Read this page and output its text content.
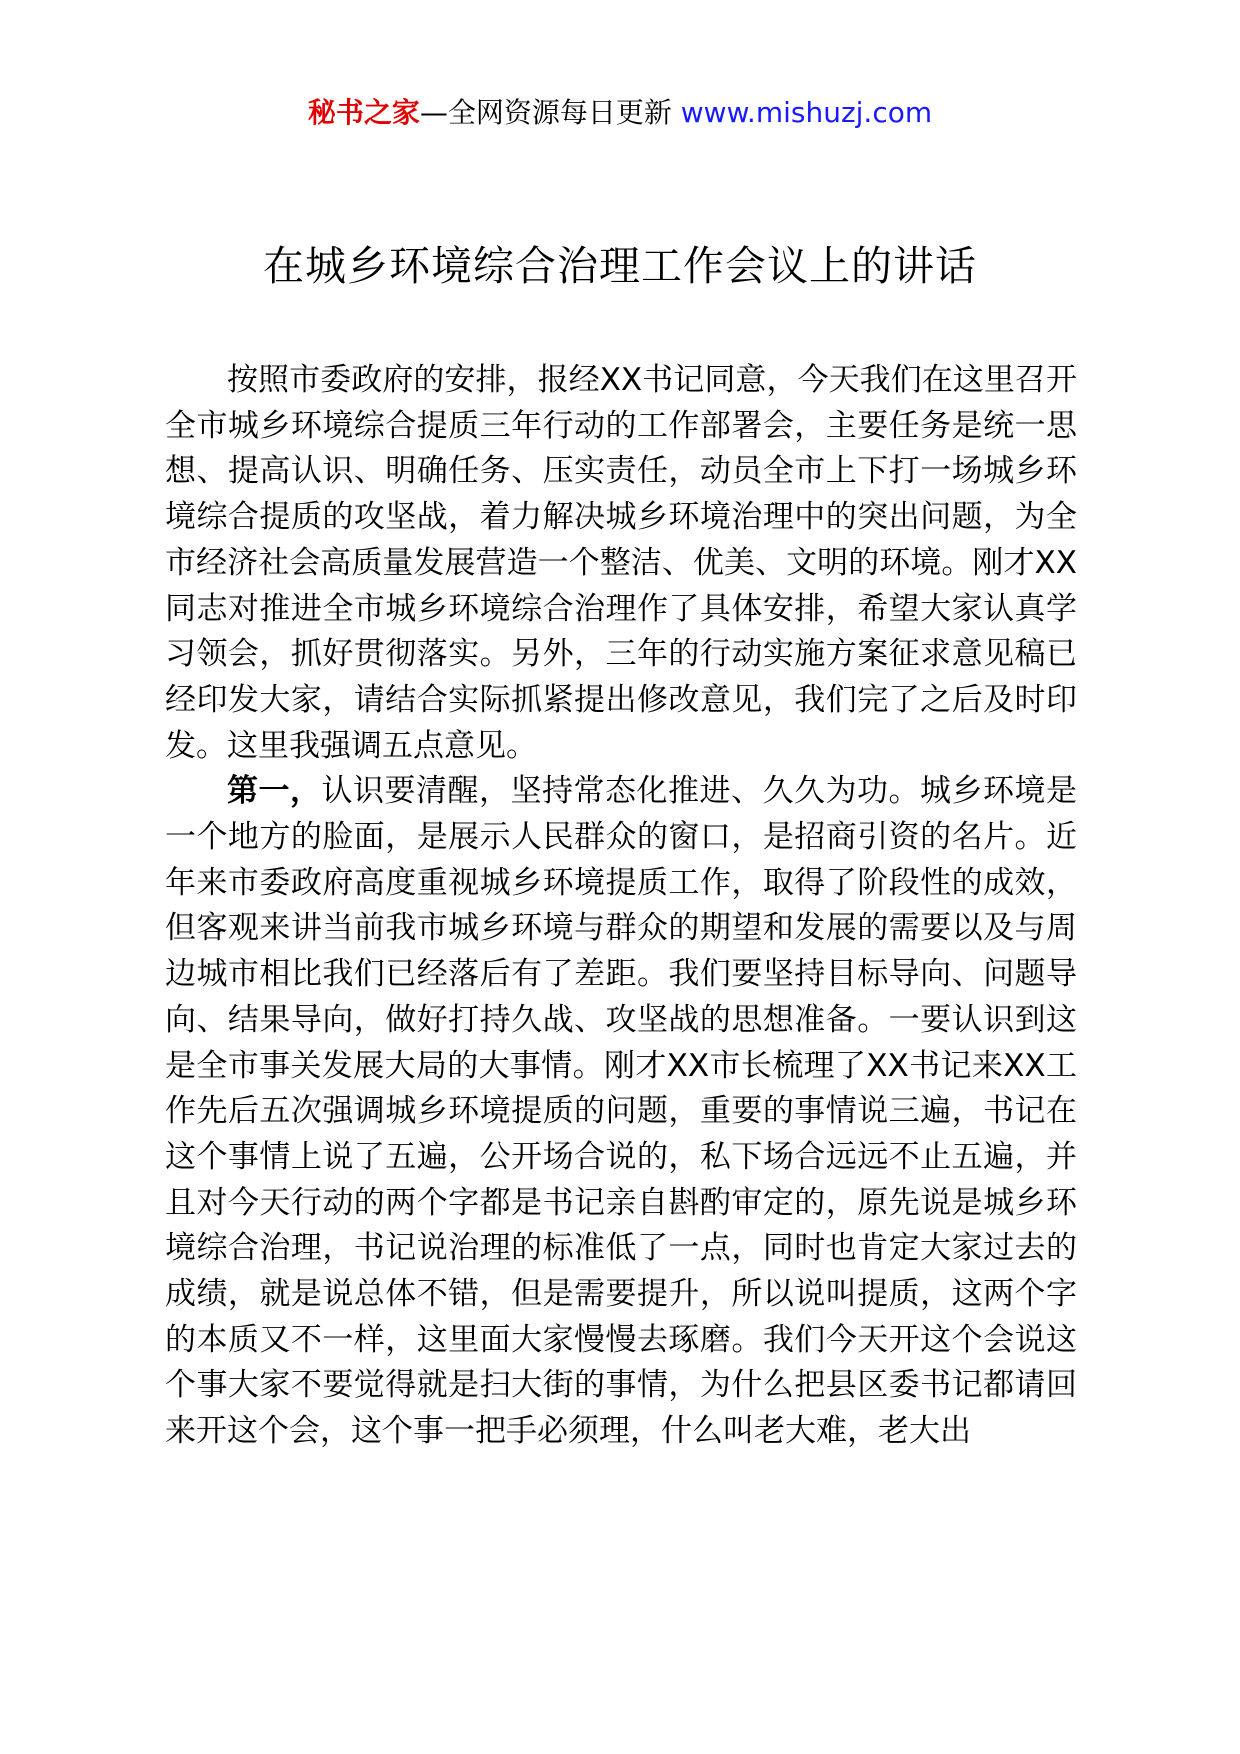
秘书之家—全网资源每日更新 www.mishuzj.com
在城乡环境综合治理工作会议上的讲话

按照市委政府的安排，报经XX书记同意，今天我们在这里召开全市城乡环境综合提质三年行动的工作部署会，主要任务是统一思想、提高认识、明确任务、压实责任，动员全市上下打一场城乡环境综合提质的攻坚战，着力解决城乡环境治理中的突出问题，为全市经济社会高质量发展营造一个整洁、优美、文明的环境。刚才XX同志对推进全市城乡环境综合治理作了具体安排，希望大家认真学习领会，抓好贯彻落实。另外，三年的行动实施方案征求意见稿已经印发大家，请结合实际抓紧提出修改意见，我们完了之后及时印发。这里我强调五点意见。

第一，认识要清醒，坚持常态化推进、久久为功。城乡环境是一个地方的脸面，是展示人民群众的窗口，是招商引资的名片。近年来市委政府高度重视城乡环境提质工作，取得了阶段性的成效，但客观来讲当前我市城乡环境与群众的期望和发展的需要以及与周边城市相比我们已经落后有了差距。我们要坚持目标导向、问题导向、结果导向，做好打持久战、攻坚战的思想准备。一要认识到这是全市事关发展大局的大事情。刚才XX市长梳理了XX书记来XX工作先后五次强调城乡环境提质的问题，重要的事情说三遍，书记在这个事情上说了五遍，公开场合说的，私下场合远远不止五遍，并且对今天行动的两个字都是书记亲自斟酌审定的，原先说是城乡环境综合治理，书记说治理的标准低了一点，同时也肯定大家过去的成绩，就是说总体不错，但是需要提升，所以说叫提质，这两个字的本质又不一样，这里面大家慢慢去琢磨。我们今天开这个会说这个事大家不要觉得就是扫大街的事情，为什么把县区委书记都请回来开这个会，这个事一把手必须理，什么叫老大难，老大出
